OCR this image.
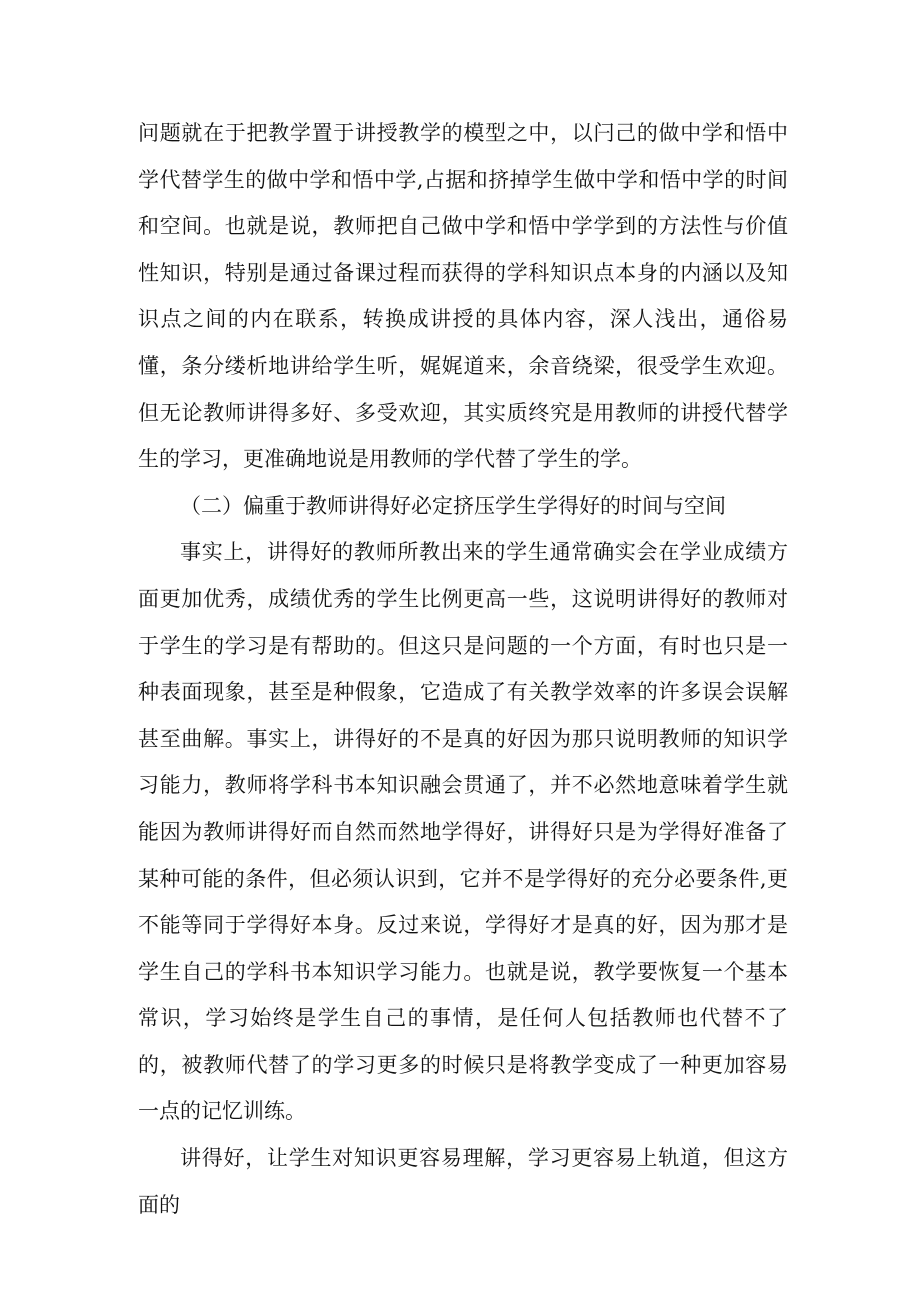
问题就在于把教学置于讲授教学的模型之中，以闩己的做中学和悟中学代替学生的做中学和悟中学,占据和挤掉学生做中学和悟中学的时间和空间。也就是说，教师把自己做中学和悟中学学到的方法性与价值性知识，特别是通过备课过程而获得的学科知识点本身的内涵以及知识点之间的内在联系，转换成讲授的具体内容，深人浅出，通俗易懂，条分缕析地讲给学生听，娓娓道来，余音绕梁，很受学生欢迎。但无论教师讲得多好、多受欢迎，其实质终究是用教师的讲授代替学生的学习，更准确地说是用教师的学代替了学生的学。

（二）偏重于教师讲得好必定挤压学生学得好的时间与空间

事实上，讲得好的教师所教出来的学生通常确实会在学业成绩方面更加优秀，成绩优秀的学生比例更高一些，这说明讲得好的教师对于学生的学习是有帮助的。但这只是问题的一个方面，有时也只是一种表面现象，甚至是种假象，它造成了有关教学效率的许多误会误解甚至曲解。事实上，讲得好的不是真的好因为那只说明教师的知识学习能力，教师将学科书本知识融会贯通了，并不必然地意味着学生就能因为教师讲得好而自然而然地学得好，讲得好只是为学得好准备了某种可能的条件，但必须认识到，它并不是学得好的充分必要条件,更不能等同于学得好本身。反过来说，学得好才是真的好，因为那才是学生自己的学科书本知识学习能力。也就是说，教学要恢复一个基本常识，学习始终是学生自己的事情，是任何人包括教师也代替不了的，被教师代替了的学习更多的时候只是将教学变成了一种更加容易一点的记忆训练。

讲得好，让学生对知识更容易理解，学习更容易上轨道，但这方面的
